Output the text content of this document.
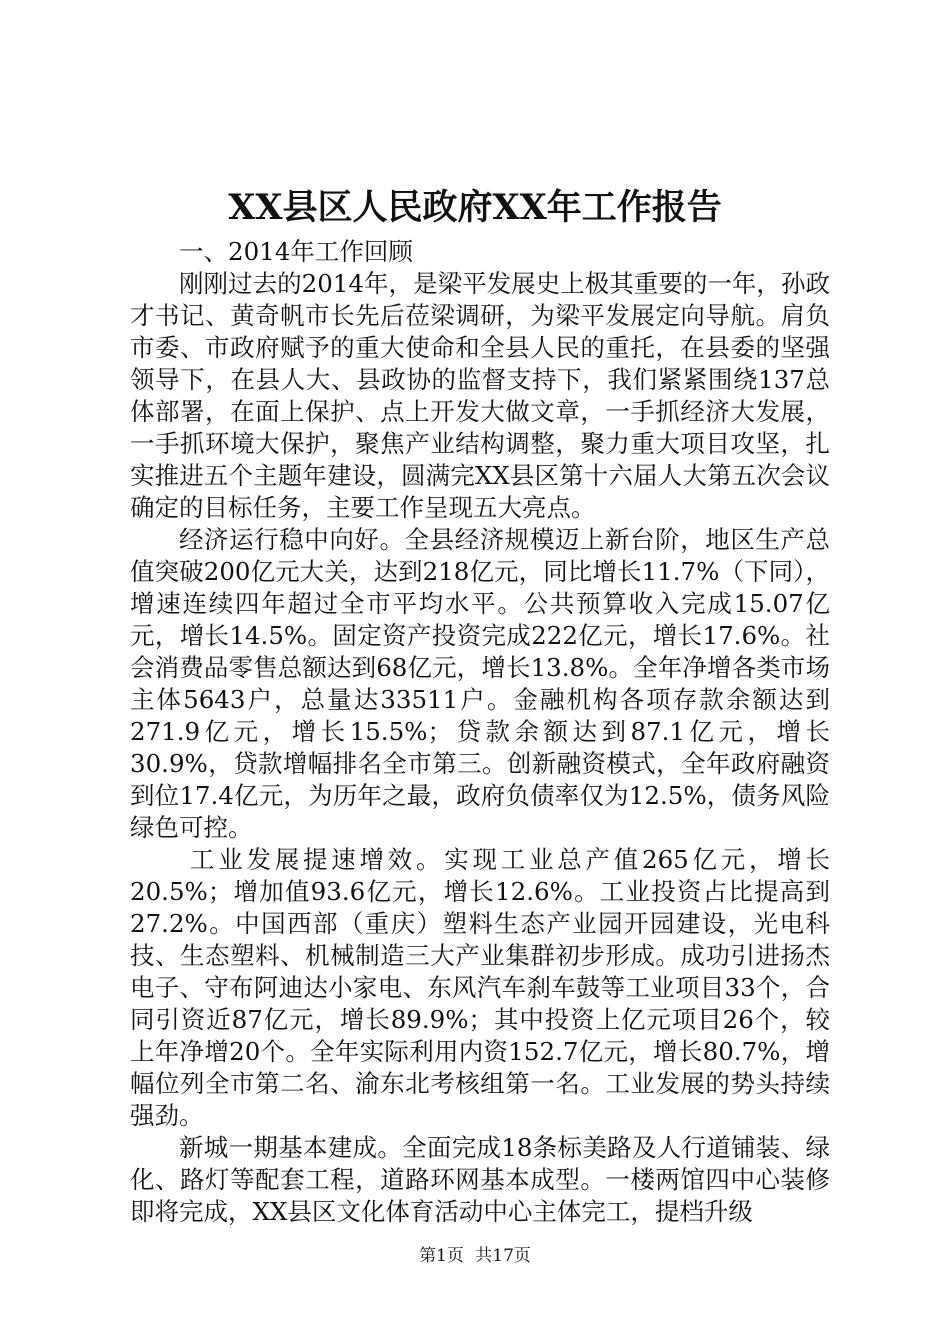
XX县区人民政府XX年工作报告

一、2014年工作回顾

刚刚过去的2014年，是梁平发展史上极其重要的一年，孙政才书记、黄奇帆市长先后莅梁调研，为梁平发展定向导航。肩负市委、市政府赋予的重大使命和全县人民的重托，在县委的坚强领导下，在县人大、县政协的监督支持下，我们紧紧围绕137总体部署，在面上保护、点上开发大做文章，一手抓经济大发展，一手抓环境大保护，聚焦产业结构调整，聚力重大项目攻坚，扎实推进五个主题年建设，圆满完XX县区第十六届人大第五次会议确定的目标任务，主要工作呈现五大亮点。

经济运行稳中向好。全县经济规模迈上新台阶，地区生产总值突破200亿元大关，达到218亿元，同比增长11.7%（下同），增速连续四年超过全市平均水平。公共预算收入完成15.07亿元，增长14.5%。固定资产投资完成222亿元，增长17.6%。社会消费品零售总额达到68亿元，增长13.8%。全年净增各类市场主体5643户，总量达33511户。金融机构各项存款余额达到271.9亿元，增长15.5%；贷款余额达到87.1亿元，增长30.9%，贷款增幅排名全市第三。创新融资模式，全年政府融资到位17.4亿元，为历年之最，政府负债率仅为12.5%，债务风险绿色可控。

工业发展提速增效。实现工业总产值265亿元，增长20.5%；增加值93.6亿元，增长12.6%。工业投资占比提高到27.2%。中国西部（重庆）塑料生态产业园开园建设，光电科技、生态塑料、机械制造三大产业集群初步形成。成功引进扬杰电子、守布阿迪达小家电、东风汽车刹车鼓等工业项目33个，合同引资近87亿元，增长89.9%；其中投资上亿元项目26个，较上年净增20个。全年实际利用内资152.7亿元，增长80.7%，增幅位列全市第二名、渝东北考核组第一名。工业发展的势头持续强劲。

新城一期基本建成。全面完成18条标美路及人行道铺装、绿化、路灯等配套工程，道路环网基本成型。一楼两馆四中心装修即将完成，XX县区文化体育活动中心主体完工，提档升级

第1页 共17页
